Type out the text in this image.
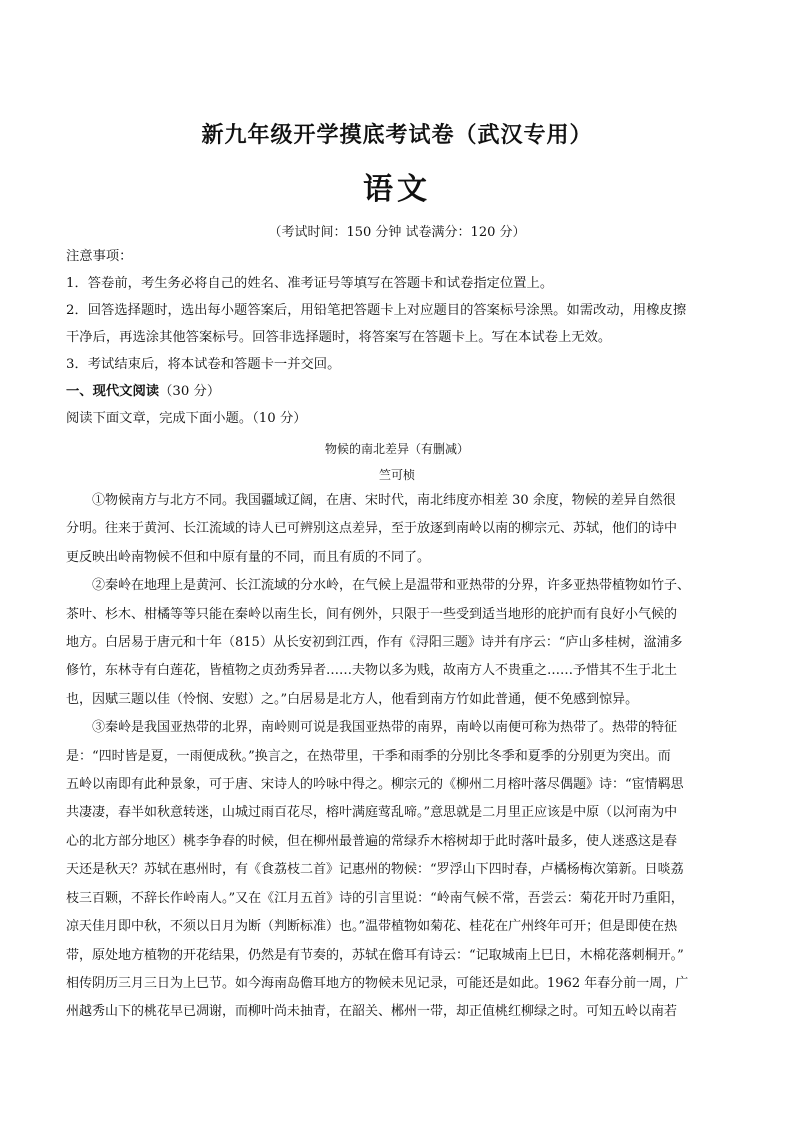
新九年级开学摸底考试卷（武汉专用）
语文
（考试时间：150 分钟 试卷满分：120 分）
注意事项：
1．答卷前，考生务必将自己的姓名、准考证号等填写在答题卡和试卷指定位置上。
2．回答选择题时，选出每小题答案后，用铅笔把答题卡上对应题目的答案标号涂黑。如需改动，用橡皮擦
干净后，再选涂其他答案标号。回答非选择题时，将答案写在答题卡上。写在本试卷上无效。
3．考试结束后，将本试卷和答题卡一并交回。
一、现代文阅读（30 分）
阅读下面文章，完成下面小题。（10 分）
物候的南北差异（有删减）
竺可桢
①物候南方与北方不同。我国疆域辽阔，在唐、宋时代，南北纬度亦相差 30 余度，物候的差异自然很
分明。往来于黄河、长江流域的诗人已可辨别这点差异，至于放逐到南岭以南的柳宗元、苏轼，他们的诗中
更反映出岭南物候不但和中原有量的不同，而且有质的不同了。
②秦岭在地理上是黄河、长江流域的分水岭，在气候上是温带和亚热带的分界，许多亚热带植物如竹子、
茶叶、杉木、柑橘等等只能在秦岭以南生长，间有例外，只限于一些受到适当地形的庇护而有良好小气候的
地方。白居易于唐元和十年（815）从长安初到江西，作有《浔阳三题》诗并有序云：“庐山多桂树，湓浦多
修竹，东林寺有白莲花，皆植物之贞劲秀异者……夫物以多为贱，故南方人不贵重之……予惜其不生于北土
也，因赋三题以佳（怜悯、安慰）之。”白居易是北方人，他看到南方竹如此普通，便不免感到惊异。
③秦岭是我国亚热带的北界，南岭则可说是我国亚热带的南界，南岭以南便可称为热带了。热带的特征
是：“四时皆是夏，一雨便成秋。”换言之，在热带里，干季和雨季的分别比冬季和夏季的分别更为突出。而
五岭以南即有此种景象，可于唐、宋诗人的吟咏中得之。柳宗元的《柳州二月榕叶落尽偶题》诗：“宦情羁思
共凄凄，春半如秋意转迷，山城过雨百花尽，榕叶满庭莺乱啼。”意思就是二月里正应该是中原（以河南为中
心的北方部分地区）桃李争春的时候，但在柳州最普遍的常绿乔木榕树却于此时落叶最多，使人迷惑这是春
天还是秋天？苏轼在惠州时，有《食荔枝二首》记惠州的物候：“罗浮山下四时春，卢橘杨梅次第新。日啖荔
枝三百颗，不辞长作岭南人。”又在《江月五首》诗的引言里说：“岭南气候不常，吾尝云：菊花开时乃重阳，
凉天佳月即中秋，不须以日月为断（判断标准）也。”温带植物如菊花、桂花在广州终年可开；但是即使在热
带，原处地方植物的开花结果，仍然是有节奏的，苏轼在儋耳有诗云：“记取城南上巳日，木棉花落刺桐开。”
相传阴历三月三日为上巳节。如今海南岛儋耳地方的物候未见记录，可能还是如此。1962 年春分前一周，广
州越秀山下的桃花早已凋谢，而柳叶尚未抽青，在韶关、郴州一带，却正值桃红柳绿之时。可知五岭以南若
